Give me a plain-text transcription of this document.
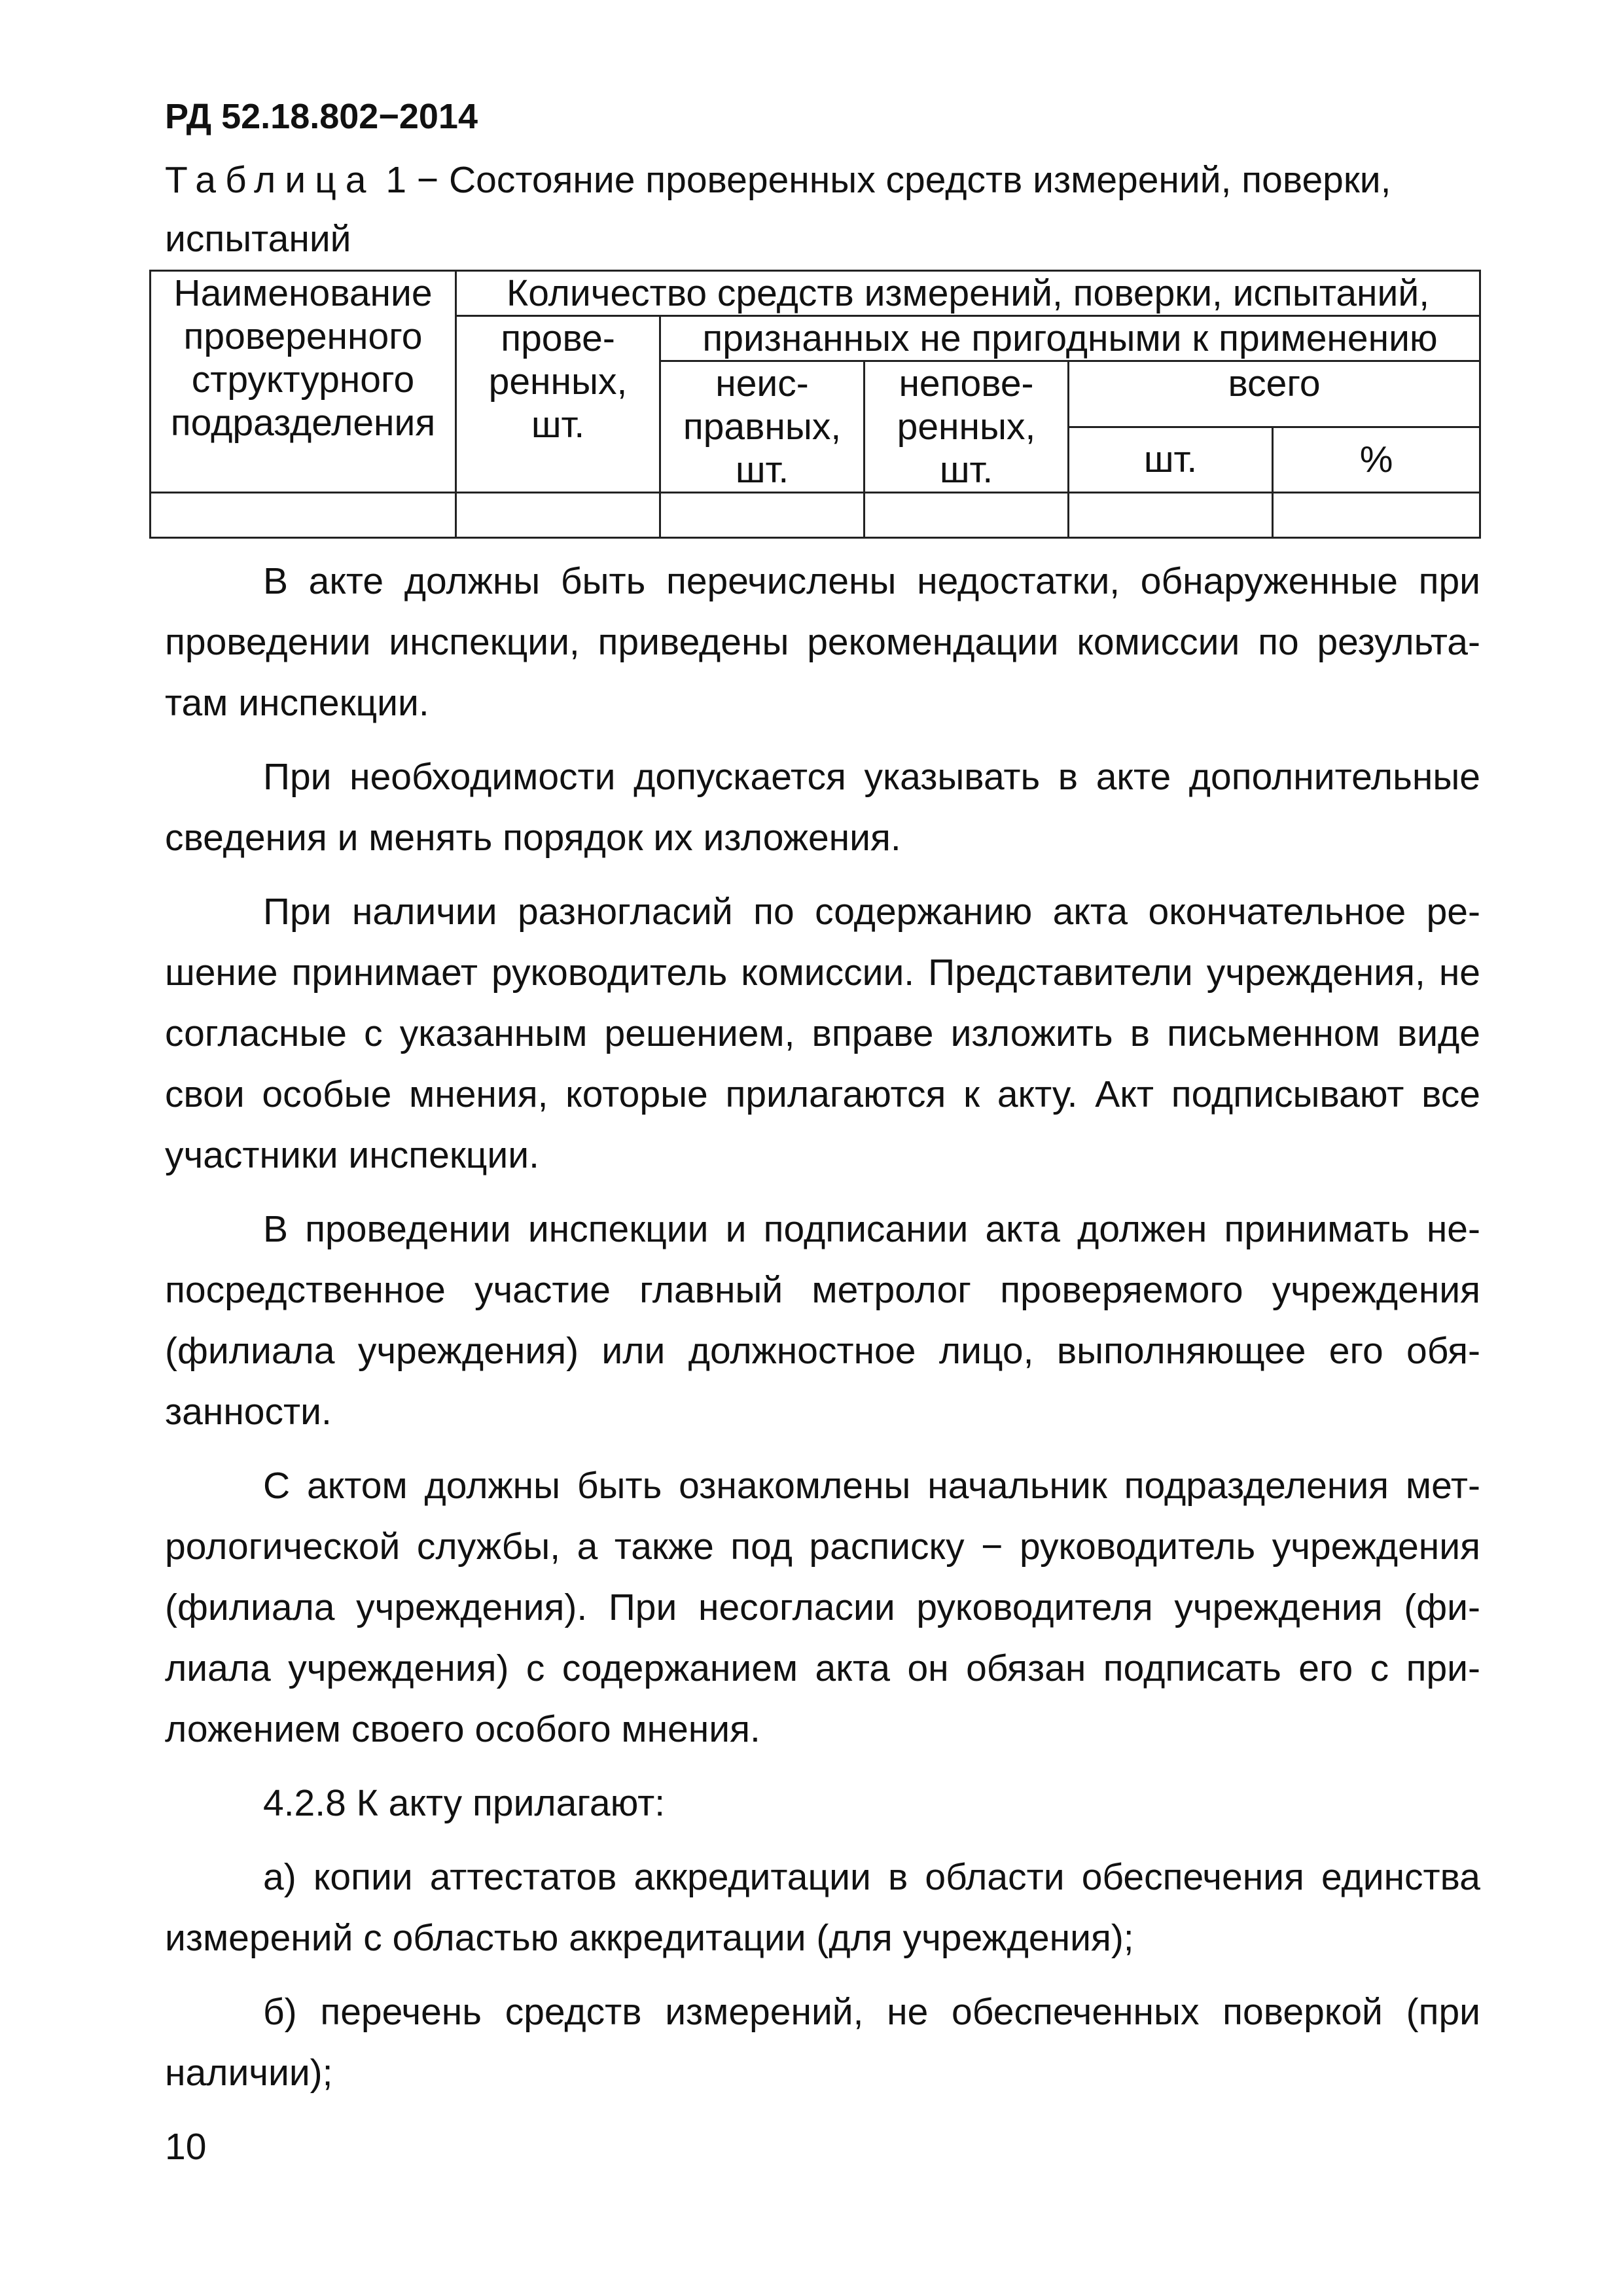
РД 52.18.802−2014
Таблица 1 − Состояние проверенных средств измерений, поверки, испытаний
Наименование проверенного структурного подразделения	Количество средств измерений, поверки, испытаний,				
	проверенных, шт.	признанных не пригодными к применению			
		неисправных, шт.	неповеренных, шт.	всего	
				шт.	%

В акте должны быть перечислены недостатки, обнаруженные при проведении инспекции, приведены рекомендации комиссии по результатам инспекции.

При необходимости допускается указывать в акте дополнительные сведения и менять порядок их изложения.

При наличии разногласий по содержанию акта окончательное решение принимает руководитель комиссии. Представители учреждения, не согласные с указанным решением, вправе изложить в письменном виде свои особые мнения, которые прилагаются к акту. Акт подписывают все участники инспекции.

В проведении инспекции и подписании акта должен принимать непосредственное участие главный метролог проверяемого учреждения (филиала учреждения) или должностное лицо, выполняющее его обязанности.

С актом должны быть ознакомлены начальник подразделения метрологической службы, а также под расписку − руководитель учреждения (филиала учреждения). При несогласии руководителя учреждения (филиала учреждения) с содержанием акта он обязан подписать его с приложением своего особого мнения.

4.2.8 К акту прилагают:

а) копии аттестатов аккредитации в области обеспечения единства измерений с областью аккредитации (для учреждения);

б) перечень средств измерений, не обеспеченных поверкой (при наличии);

10
